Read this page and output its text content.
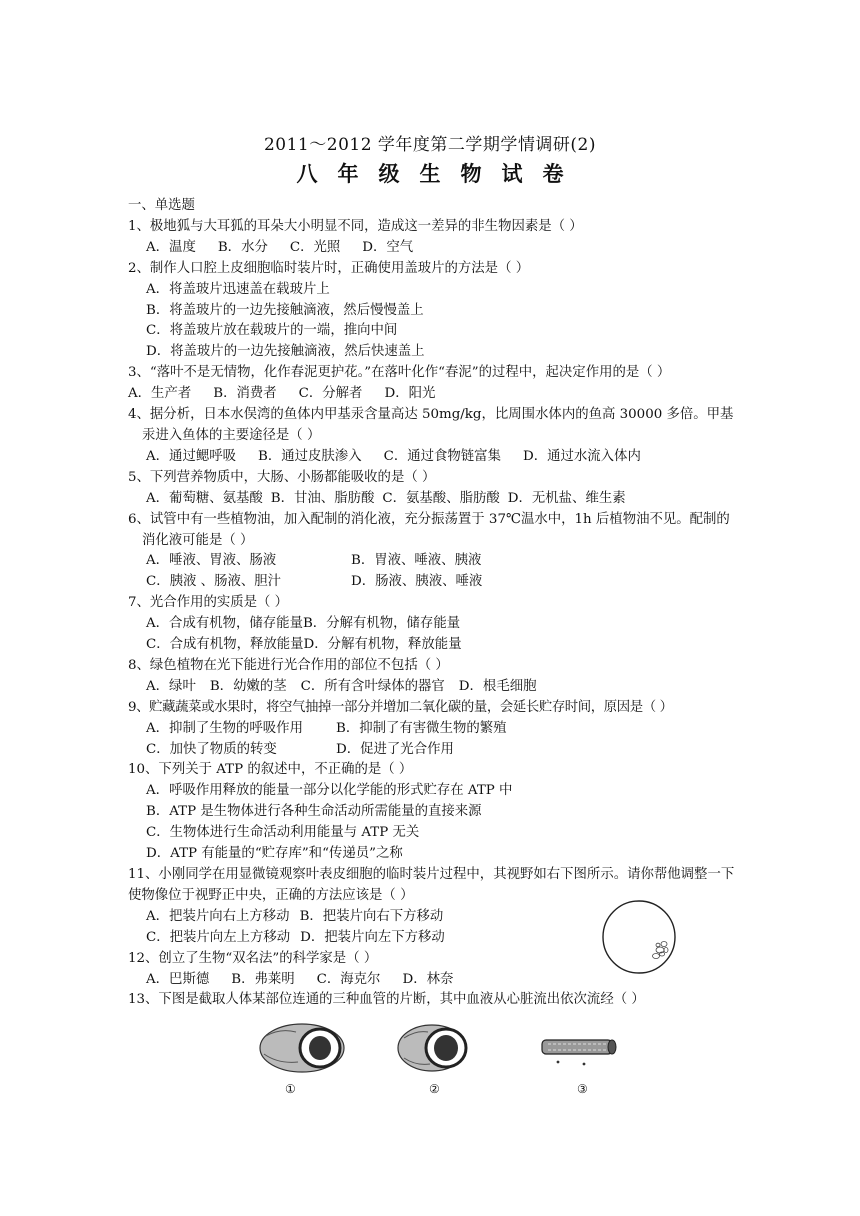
2011～2012 学年度第二学期学情调研(2)
八年级生物试卷
一、单选题
1、极地狐与大耳狐的耳朵大小明显不同，造成这一差异的非生物因素是（ ）
A．温度 B．水分 C．光照 D．空气
2、制作人口腔上皮细胞临时装片时，正确使用盖玻片的方法是（ ）
A．将盖玻片迅速盖在载玻片上
B．将盖玻片的一边先接触滴液，然后慢慢盖上
C．将盖玻片放在载玻片的一端，推向中间
D．将盖玻片的一边先接触滴液，然后快速盖上
3、“落叶不是无情物，化作春泥更护花。”在落叶化作“春泥”的过程中，起决定作用的是（ ）
A．生产者 B．消费者 C．分解者 D．阳光
4、据分析，日本水俣湾的鱼体内甲基汞含量高达 50mg/kg，比周围水体内的鱼高 30000 多倍。甲基汞进入鱼体的主要途径是（ ）
A．通过鳃呼吸 B．通过皮肤渗入 C．通过食物链富集 D．通过水流入体内
5、下列营养物质中，大肠、小肠都能吸收的是（ ）
A．葡萄糖、氨基酸 B．甘油、脂肪酸 C．氨基酸、脂肪酸 D．无机盐、维生素
6、试管中有一些植物油，加入配制的消化液，充分振荡置于 37℃温水中，1h 后植物油不见。配制的消化液可能是（ ）
A．唾液、胃液、肠液	B．胃液、唾液、胰液
C．胰液 、肠液、胆汁	D．肠液、胰液、唾液
7、光合作用的实质是（ ）
A．合成有机物，储存能量B．分解有机物，储存能量
C．合成有机物，释放能量D．分解有机物，释放能量
8、绿色植物在光下能进行光合作用的部位不包括（ ）
A．绿叶 B．幼嫩的茎 C．所有含叶绿体的器官 D．根毛细胞
9、贮藏蔬菜或水果时，将空气抽掉一部分并增加二氧化碳的量，会延长贮存时间，原因是（ ）
A．抑制了生物的呼吸作用 B．抑制了有害微生物的繁殖
C．加快了物质的转变	D．促进了光合作用
10、下列关于 ATP 的叙述中，不正确的是（ ）
A．呼吸作用释放的能量一部分以化学能的形式贮存在 ATP 中
B．ATP 是生物体进行各种生命活动所需能量的直接来源
C．生物体进行生命活动利用能量与 ATP 无关
D．ATP 有能量的“贮存库”和“传递员”之称
11、小刚同学在用显微镜观察叶表皮细胞的临时装片过程中，其视野如右下图所示。请你帮他调整一下使物像位于视野正中央，正确的方法应该是（ ）
A．把装片向右上方移动 B．把装片向右下方移动
C．把装片向左上方移动 D．把装片向左下方移动
12、创立了生物“双名法”的科学家是（ ）
A．巴斯德 B．弗莱明 C．海克尔 D．林奈
13、下图是截取人体某部位连通的三种血管的片断，其中血液从心脏流出依次流经（ ）
①	②	③
